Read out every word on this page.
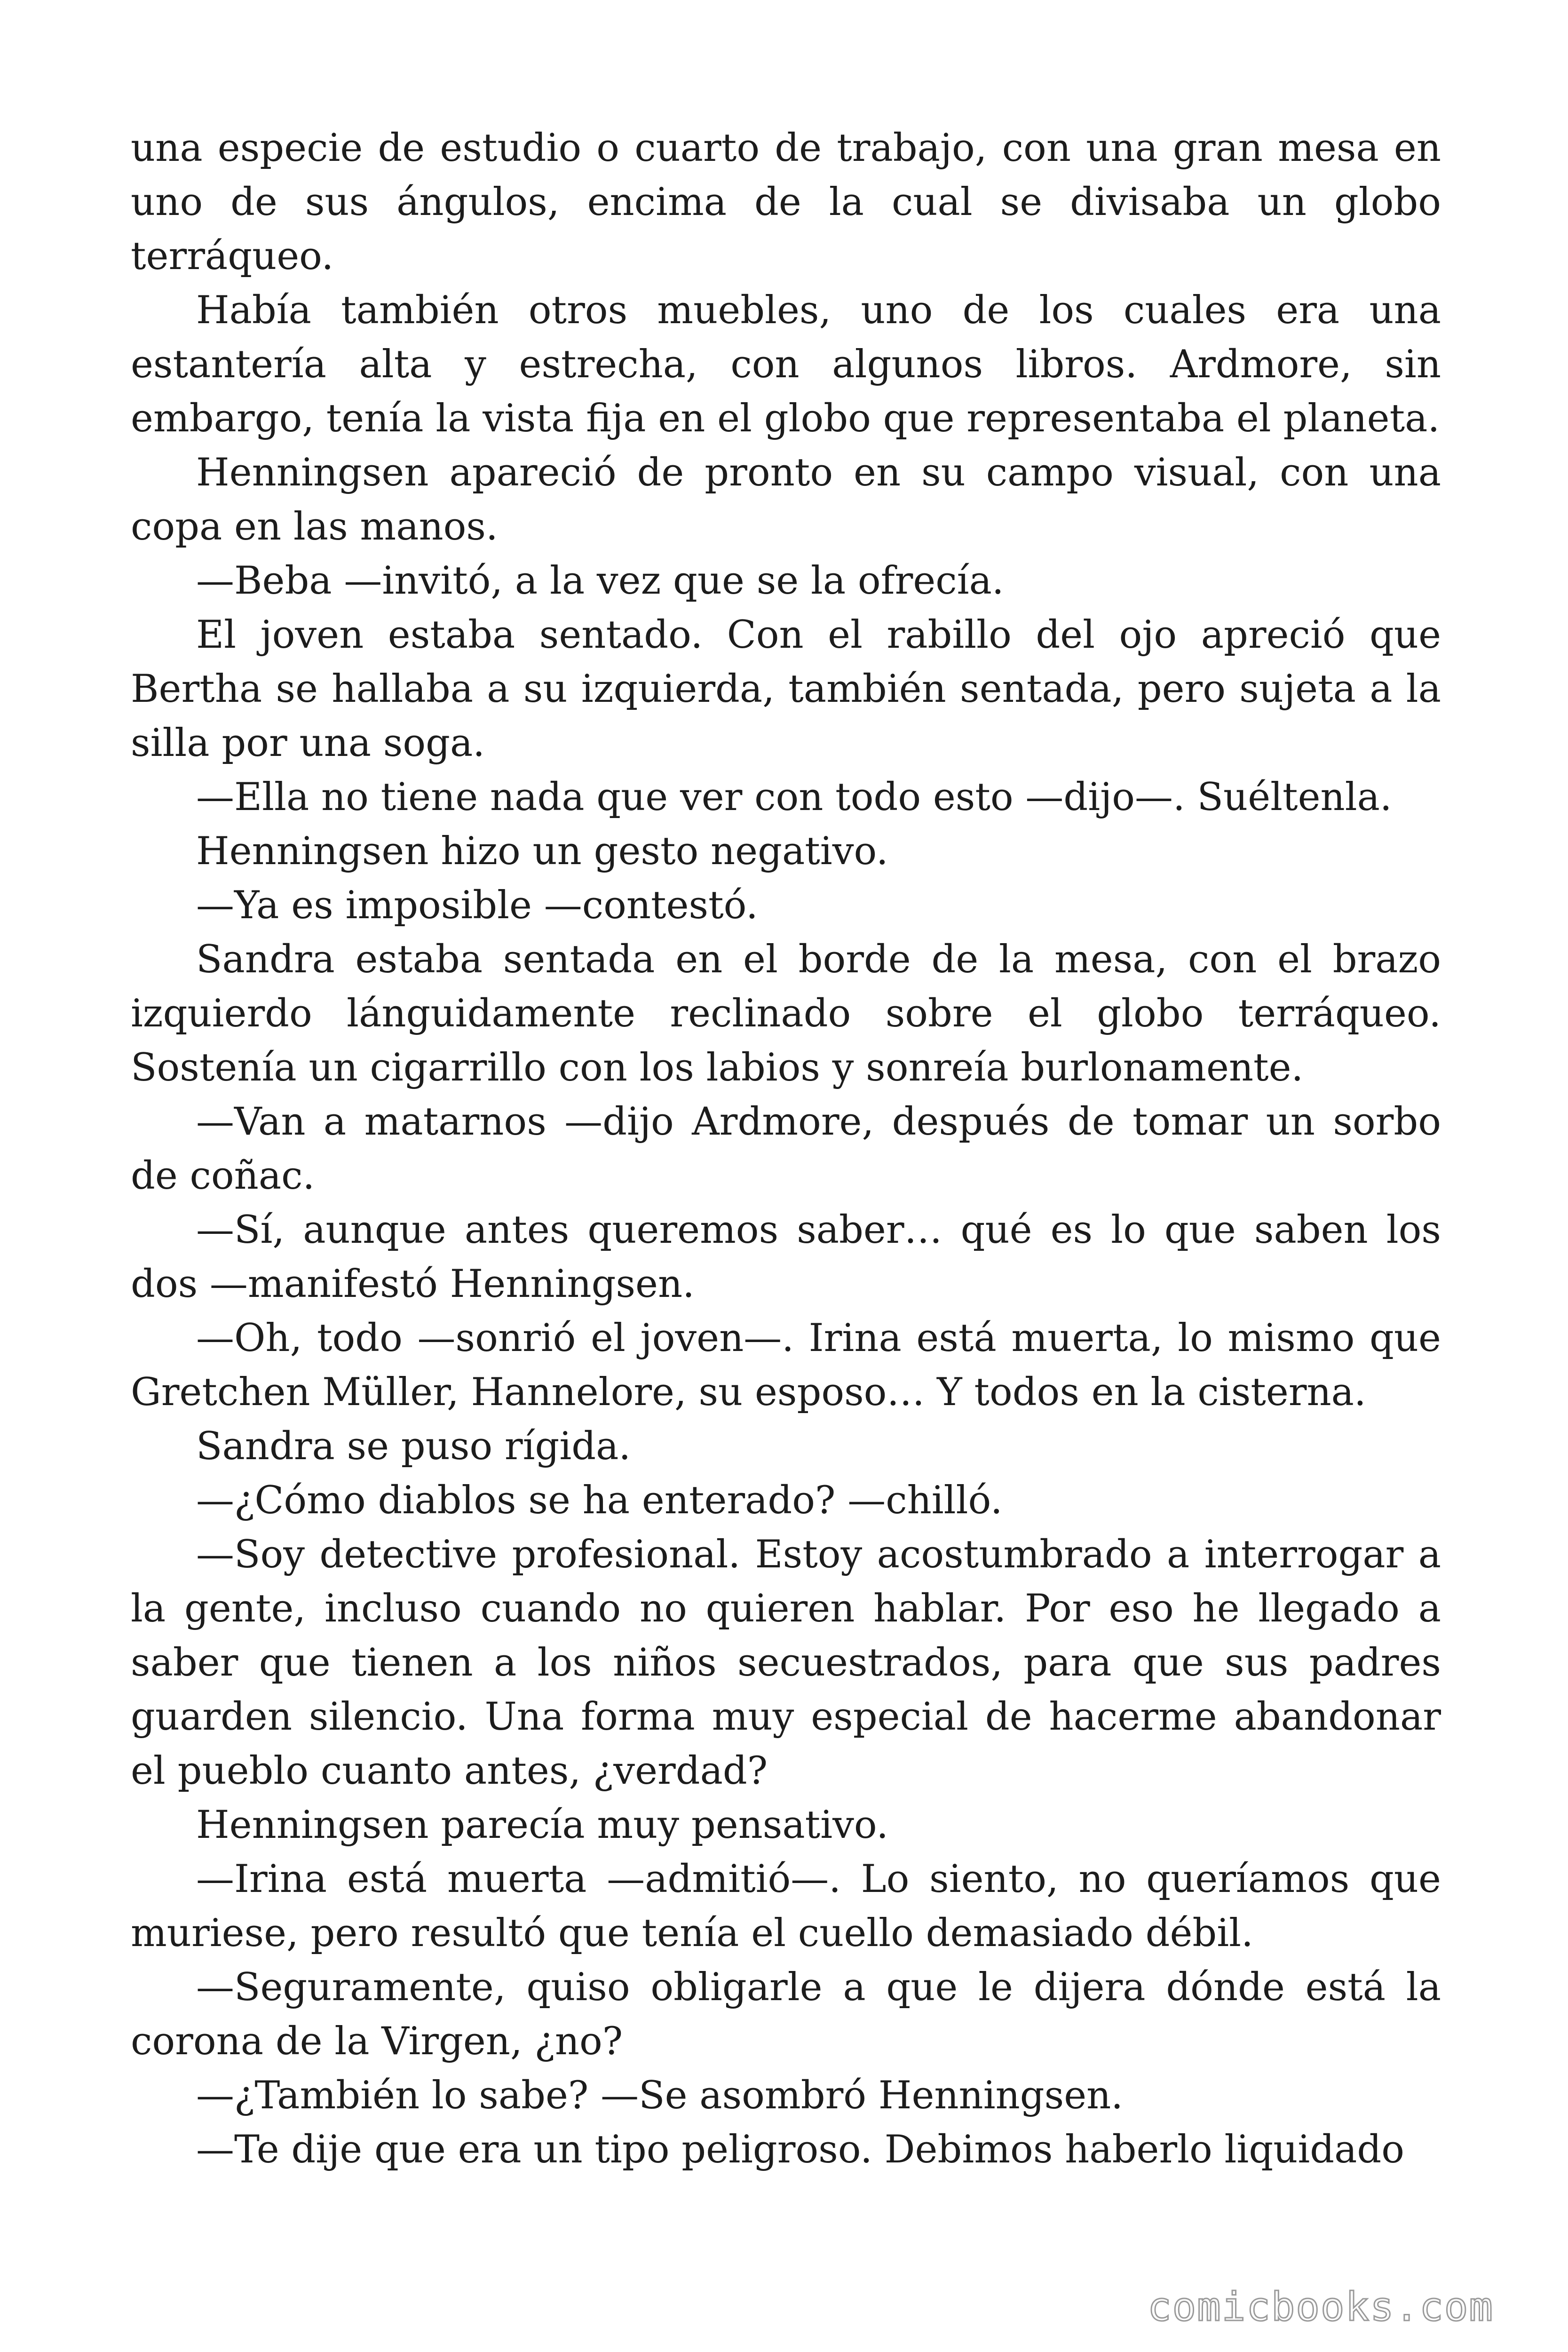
una especie de estudio o cuarto de trabajo, con una gran mesa en uno de sus ángulos, encima de la cual se divisaba un globo terráqueo.

Había también otros muebles, uno de los cuales era una estantería alta y estrecha, con algunos libros. Ardmore, sin embargo, tenía la vista fija en el globo que representaba el planeta.

Henningsen apareció de pronto en su campo visual, con una copa en las manos.

—Beba —invitó, a la vez que se la ofrecía.

El joven estaba sentado. Con el rabillo del ojo apreció que Bertha se hallaba a su izquierda, también sentada, pero sujeta a la silla por una soga.

—Ella no tiene nada que ver con todo esto —dijo—. Suéltenla.

Henningsen hizo un gesto negativo.

—Ya es imposible —contestó.

Sandra estaba sentada en el borde de la mesa, con el brazo izquierdo lánguidamente reclinado sobre el globo terráqueo. Sostenía un cigarrillo con los labios y sonreía burlonamente.

—Van a matarnos —dijo Ardmore, después de tomar un sorbo de coñac.

—Sí, aunque antes queremos saber… qué es lo que saben los dos —manifestó Henningsen.

—Oh, todo —sonrió el joven—. Irina está muerta, lo mismo que Gretchen Müller, Hannelore, su esposo… Y todos en la cisterna.

Sandra se puso rígida.

—¿Cómo diablos se ha enterado? —chilló.

—Soy detective profesional. Estoy acostumbrado a interrogar a la gente, incluso cuando no quieren hablar. Por eso he llegado a saber que tienen a los niños secuestrados, para que sus padres guarden silencio. Una forma muy especial de hacerme abandonar el pueblo cuanto antes, ¿verdad?

Henningsen parecía muy pensativo.

—Irina está muerta —admitió—. Lo siento, no queríamos que muriese, pero resultó que tenía el cuello demasiado débil.

—Seguramente, quiso obligarle a que le dijera dónde está la corona de la Virgen, ¿no?

—¿También lo sabe? —Se asombró Henningsen.

—Te dije que era un tipo peligroso. Debimos haberlo liquidado

comicbooks.com
